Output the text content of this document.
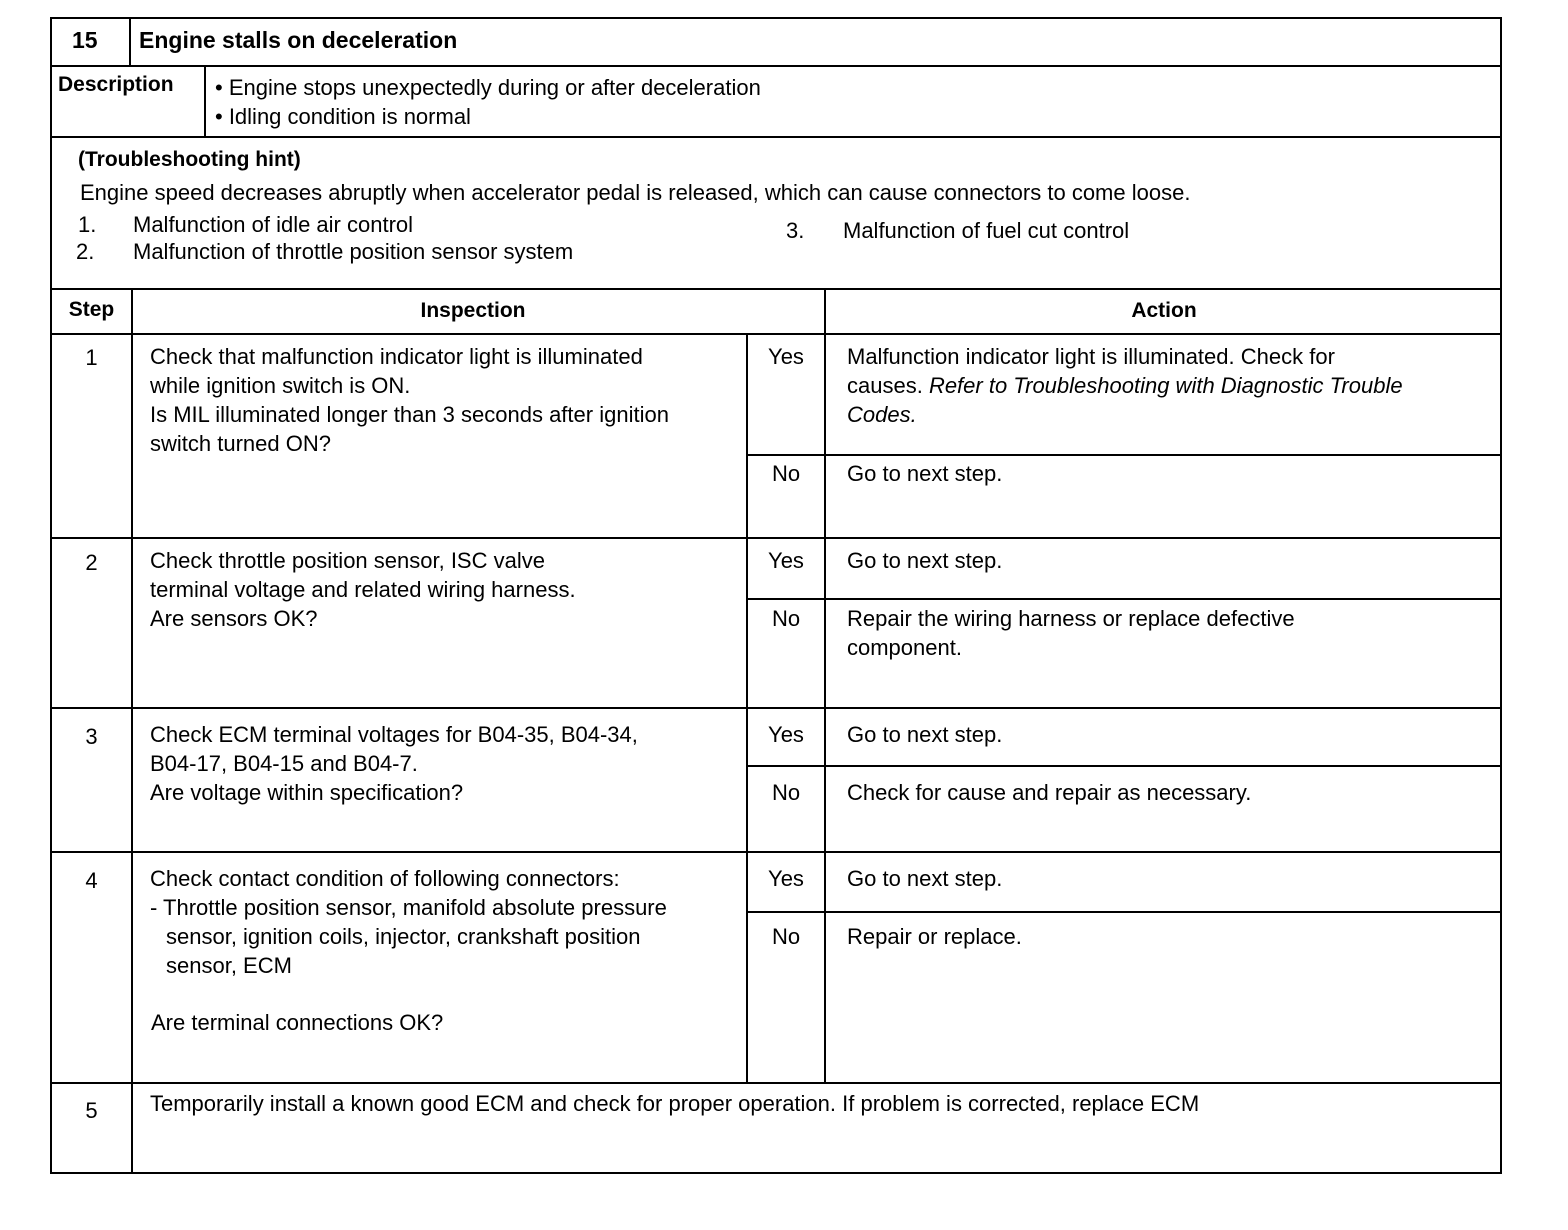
15 Engine stalls on deceleration
Description • Engine stops unexpectedly during or after deceleration
• Idling condition is normal
(Troubleshooting hint)
Engine speed decreases abruptly when accelerator pedal is released, which can cause connectors to come loose.
1. Malfunction of idle air control
2. Malfunction of throttle position sensor system
3. Malfunction of fuel cut control
Step	Inspection	Action
1	Check that malfunction indicator light is illuminated
while ignition switch is ON.
Is MIL illuminated longer than 3 seconds after ignition
switch turned ON?
Yes	Malfunction indicator light is illuminated. Check for
causes. Refer to Troubleshooting with Diagnostic Trouble
Codes.
No	Go to next step.
2	Check throttle position sensor, ISC valve
terminal voltage and related wiring harness.
Are sensors OK?
Yes	Go to next step.
No	Repair the wiring harness or replace defective
component.
3	Check ECM terminal voltages for B04-35, B04-34,
B04-17, B04-15 and B04-7.
Are voltage within specification?
Yes	Go to next step.
No	Check for cause and repair as necessary.
4	Check contact condition of following connectors:
- Throttle position sensor, manifold absolute pressure
sensor, ignition coils, injector, crankshaft position
sensor, ECM
Are terminal connections OK?
Yes	Go to next step.
No	Repair or replace.
5	Temporarily install a known good ECM and check for proper operation. If problem is corrected, replace ECM
